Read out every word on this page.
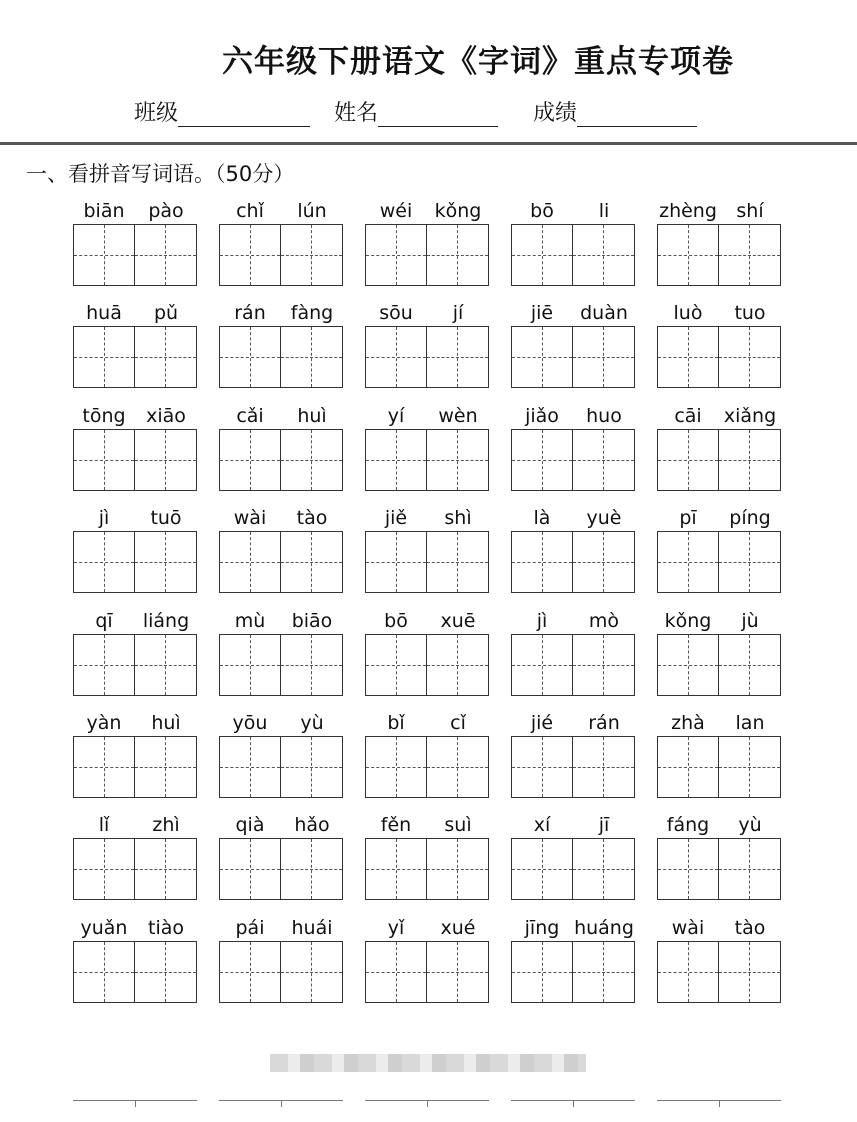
六年级下册语文《字词》重点专项卷
班级	姓名	成绩
一、看拼音写词语。（50分）
biān	pào	chǐ	lún	wéi	kǒng	bō	li	zhèng	shí
huā	pǔ	rán	fàng	sōu	jí	jiē	duàn	luò	tuo
tōng	xiāo	cǎi	huì	yí	wèn	jiǎo	huo	cāi	xiǎng
jì	tuō	wài	tào	jiě	shì	là	yuè	pī	píng
qī	liáng	mù	biāo	bō	xuē	jì	mò	kǒng	jù
yàn	huì	yōu	yù	bǐ	cǐ	jié	rán	zhà	lan
lǐ	zhì	qià	hǎo	fěn	suì	xí	jī	fáng	yù
yuǎn	tiào	pái	huái	yǐ	xué	jīng huáng	wài	tào
